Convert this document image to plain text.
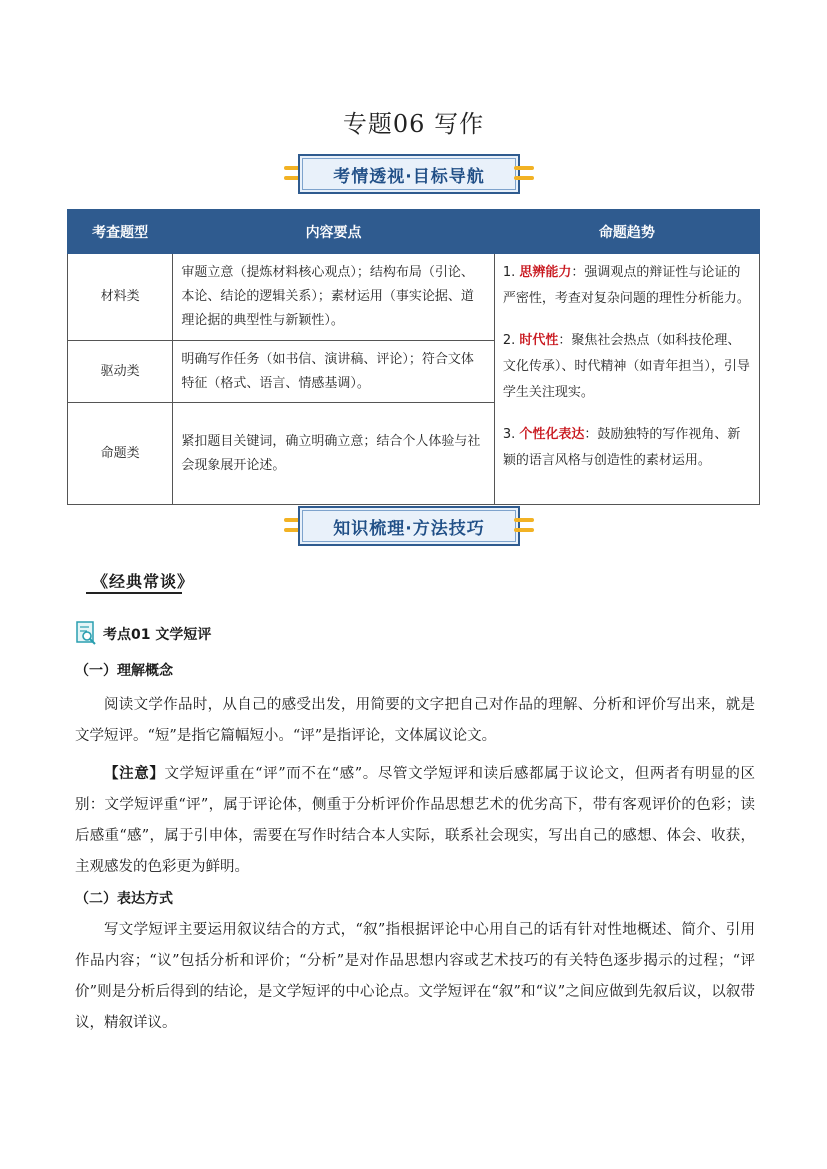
专题06 写作
考情透视·目标导航
考查题型	内容要点	命题趋势
材料类	审题立意（提炼材料核心观点）；结构布局（引论、本论、结论的逻辑关系）；素材运用（事实论据、道理论据的典型性与新颖性）。	1. 思辨能力：强调观点的辩证性与论证的严密性，考查对复杂问题的理性分析能力。

2. 时代性：聚焦社会热点（如科技伦理、文化传承）、时代精神（如青年担当），引导学生关注现实。

3. 个性化表达：鼓励独特的写作视角、新颖的语言风格与创造性的素材运用。

驱动类	明确写作任务（如书信、演讲稿、评论）；符合文体特征（格式、语言、情感基调）。	
命题类	紧扣题目关键词，确立明确立意；结合个人体验与社会现象展开论述。	
知识梳理·方法技巧
《经典常谈》
考点01 文学短评
（一）理解概念
阅读文学作品时，从自己的感受出发，用简要的文字把自己对作品的理解、分析和评价写出来，就是文学短评。“短”是指它篇幅短小。“评”是指评论，文体属议论文。
【注意】文学短评重在“评”而不在“感”。尽管文学短评和读后感都属于议论文，但两者有明显的区别：文学短评重“评”，属于评论体，侧重于分析评价作品思想艺术的优劣高下，带有客观评价的色彩；读后感重“感”，属于引申体，需要在写作时结合本人实际，联系社会现实，写出自己的感想、体会、收获，主观感发的色彩更为鲜明。
（二）表达方式
写文学短评主要运用叙议结合的方式，“叙”指根据评论中心用自己的话有针对性地概述、简介、引用作品内容；“议”包括分析和评价；“分析”是对作品思想内容或艺术技巧的有关特色逐步揭示的过程；“评价”则是分析后得到的结论，是文学短评的中心论点。文学短评在“叙”和“议”之间应做到先叙后议，以叙带议，精叙详议。
